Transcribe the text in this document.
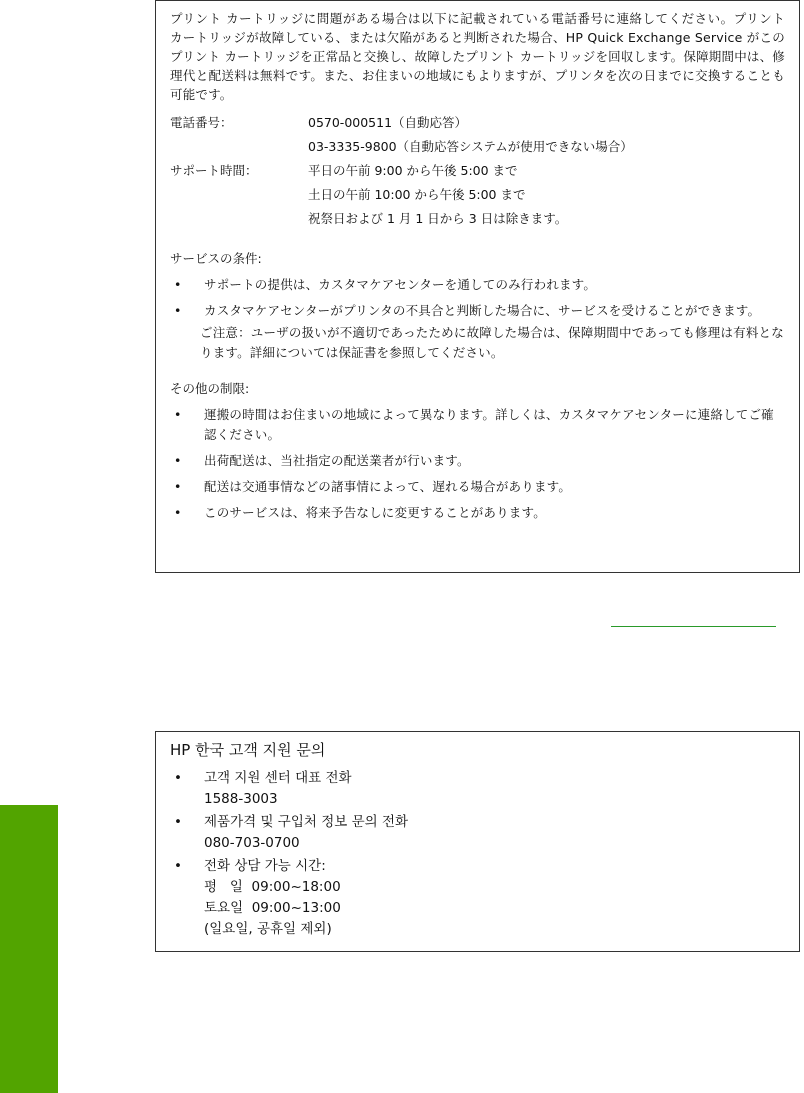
プリント カートリッジに問題がある場合は以下に記載されている電話番号に連絡してください。プリント カートリッジが故障している、または欠陥があると判断された場合、HP Quick Exchange Service がこのプリント カートリッジを正常品と交換し、故障したプリント カートリッジを回収します。保障期間中は、修理代と配送料は無料です。また、お住まいの地域にもよりますが、プリンタを次の日までに交換することも可能です。

電話番号：	0570-000511（自動応答）
03-3335-9800（自動応答システムが使用できない場合）
サポート時間：	平日の午前 9:00 から午後 5:00 まで
土日の午前 10:00 から午後 5:00 まで
祝祭日および 1 月 1 日から 3 日は除きます。
サービスの条件:
•	サポートの提供は、カスタマケアセンターを通してのみ行われます。
•	カスタマケアセンターがプリンタの不具合と判断した場合に、サービスを受けることができます。
ご注意：ユーザの扱いが不適切であったために故障した場合は、保障期間中であっても修理は有料となります。詳細については保証書を参照してください。
その他の制限:
•	運搬の時間はお住まいの地域によって異なります。詳しくは、カスタマケアセンターに連絡してご確認ください。
•	出荷配送は、当社指定の配送業者が行います。
•	配送は交通事情などの諸事情によって、遅れる場合があります。
•	このサービスは、将来予告なしに変更することがあります。
HP 한국 고객 지원 문의
•	고객 지원 센터 대표 전화
1588-3003
•	제품가격 및 구입처 정보 문의 전화
080-703-0700
•	전화 상담 가능 시간:
평   일  09:00~18:00
토요일  09:00~13:00
(일요일, 공휴일 제외)
